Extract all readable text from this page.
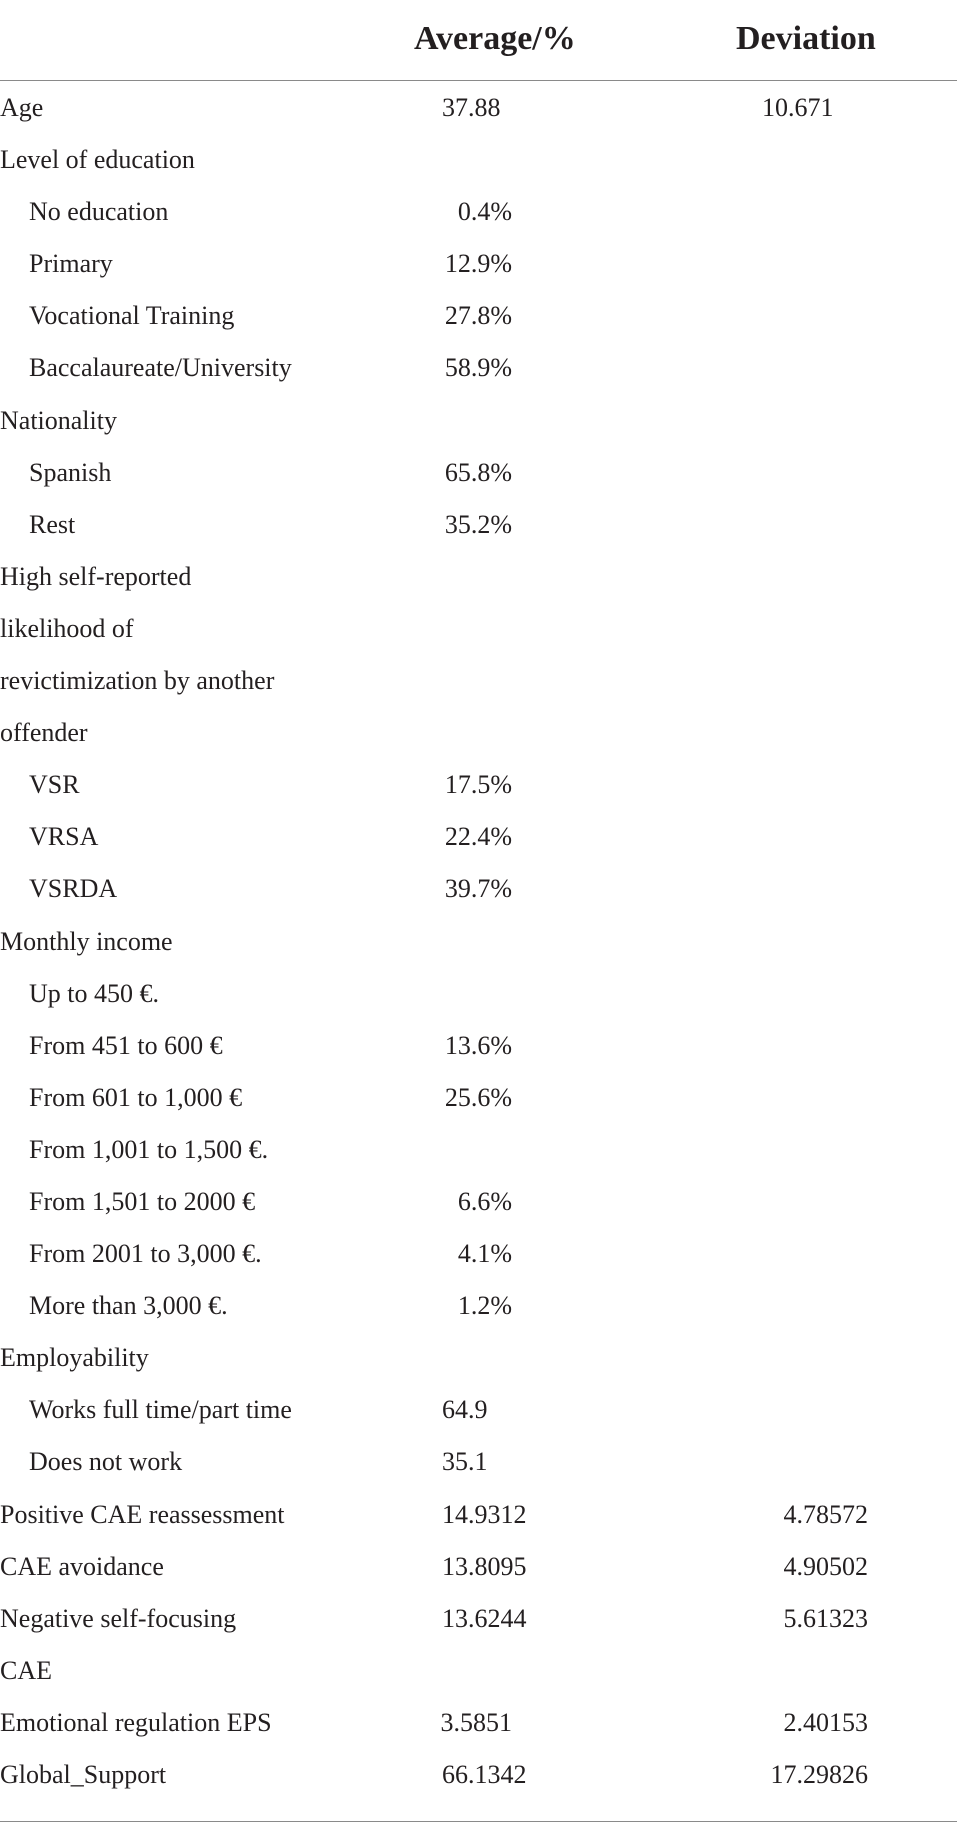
Average/%	Deviation
Age	37.88	10.671
Level of education
No education	0.4%
Primary	12.9%
Vocational Training	27.8%
Baccalaureate/University	58.9%
Nationality
Spanish	65.8%
Rest	35.2%
High self-reported
likelihood of
revictimization by another
offender
VSR	17.5%
VRSA	22.4%
VSRDA	39.7%
Monthly income
Up to 450 €.
From 451 to 600 €	13.6%
From 601 to 1,000 €	25.6%
From 1,001 to 1,500 €.
From 1,501 to 2000 €	6.6%
From 2001 to 3,000 €.	4.1%
More than 3,000 €.	1.2%
Employability
Works full time/part time	64.9
Does not work	35.1
Positive CAE reassessment	14.9312	4.78572
CAE avoidance	13.8095	4.90502
Negative self-focusing	13.6244	5.61323
CAE
Emotional regulation EPS	3.5851	2.40153
Global_Support	66.1342	17.29826
